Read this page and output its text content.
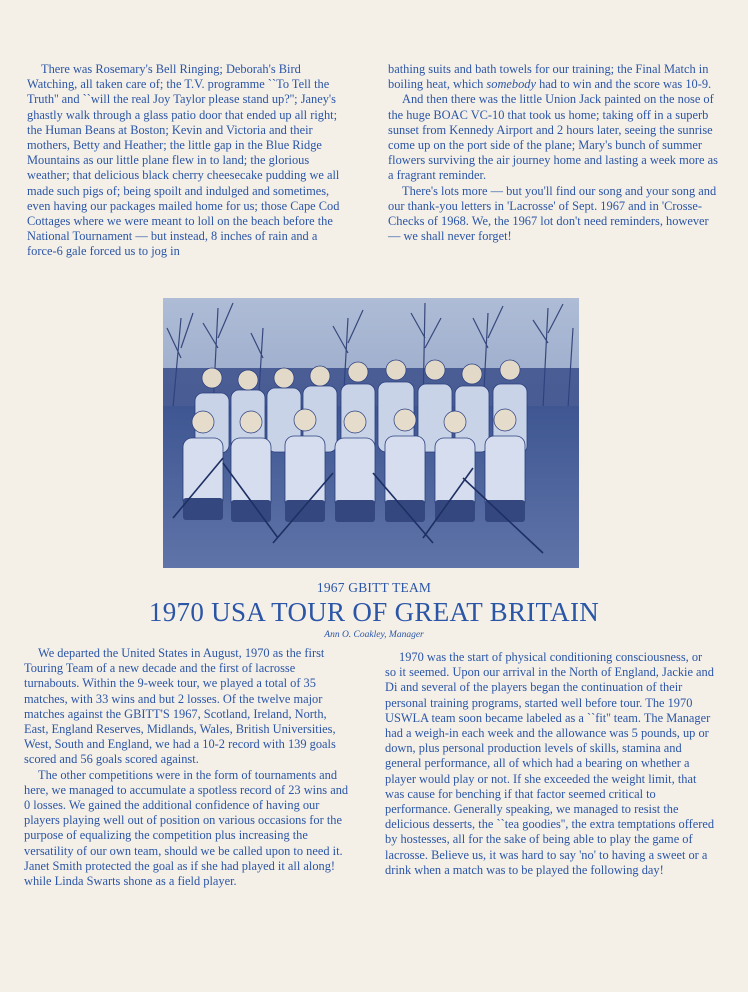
There was Rosemary's Bell Ringing; Deborah's Bird Watching, all taken care of; the T.V. programme ``To Tell the Truth'' and ``will the real Joy Taylor please stand up?''; Janey's ghastly walk through a glass patio door that ended up all right; the Human Beans at Boston; Kevin and Victoria and their mothers, Betty and Heather; the little gap in the Blue Ridge Mountains as our little plane flew in to land; the glorious weather; that delicious black cherry cheesecake pudding we all made such pigs of; being spoilt and indulged and sometimes, even having our packages mailed home for us; those Cape Cod Cottages where we were meant to loll on the beach before the National Tournament — but instead, 8 inches of rain and a force-6 gale forced us to jog in

bathing suits and bath towels for our training; the Final Match in boiling heat, which somebody had to win and the score was 10-9.

And then there was the little Union Jack painted on the nose of the huge BOAC VC-10 that took us home; taking off in a superb sunset from Kennedy Airport and 2 hours later, seeing the sunrise come up on the port side of the plane; Mary's bunch of summer flowers surviving the air journey home and lasting a week more as a fragrant reminder.

There's lots more — but you'll find our song and your song and our thank-you letters in 'Lacrosse' of Sept. 1967 and in 'Crosse-Checks of 1968. We, the 1967 lot don't need reminders, however — we shall never forget!

1967 GBITT TEAM
1970 USA TOUR OF GREAT BRITAIN
Ann O. Coakley, Manager

We departed the United States in August, 1970 as the first Touring Team of a new decade and the first of lacrosse turnabouts. Within the 9-week tour, we played a total of 35 matches, with 33 wins and but 2 losses. Of the twelve major matches against the GBITT'S 1967, Scotland, Ireland, North, East, England Reserves, Midlands, Wales, British Universities, West, South and England, we had a 10-2 record with 139 goals scored and 56 goals scored against.

The other competitions were in the form of tournaments and here, we managed to accumulate a spotless record of 23 wins and 0 losses. We gained the additional confidence of having our players playing well out of position on various occasions for the purpose of equalizing the competition plus increasing the versatility of our own team, should we be called upon to need it. Janet Smith protected the goal as if she had played it all along! while Linda Swarts shone as a field player.

1970 was the start of physical conditioning consciousness, or so it seemed. Upon our arrival in the North of England, Jackie and Di and several of the players began the continuation of their personal training programs, started well before tour. The 1970 USWLA team soon became labeled as a ``fit'' team. The Manager had a weigh-in each week and the allowance was 5 pounds, up or down, plus personal production levels of skills, stamina and general performance, all of which had a bearing on whether a player would play or not. If she exceeded the weight limit, that was cause for benching if that factor seemed critical to performance. Generally speaking, we managed to resist the delicious desserts, the ``tea goodies'', the extra temptations offered by hostesses, all for the sake of being able to play the game of lacrosse. Believe us, it was hard to say 'no' to having a sweet or a drink when a match was to be played the following day!
